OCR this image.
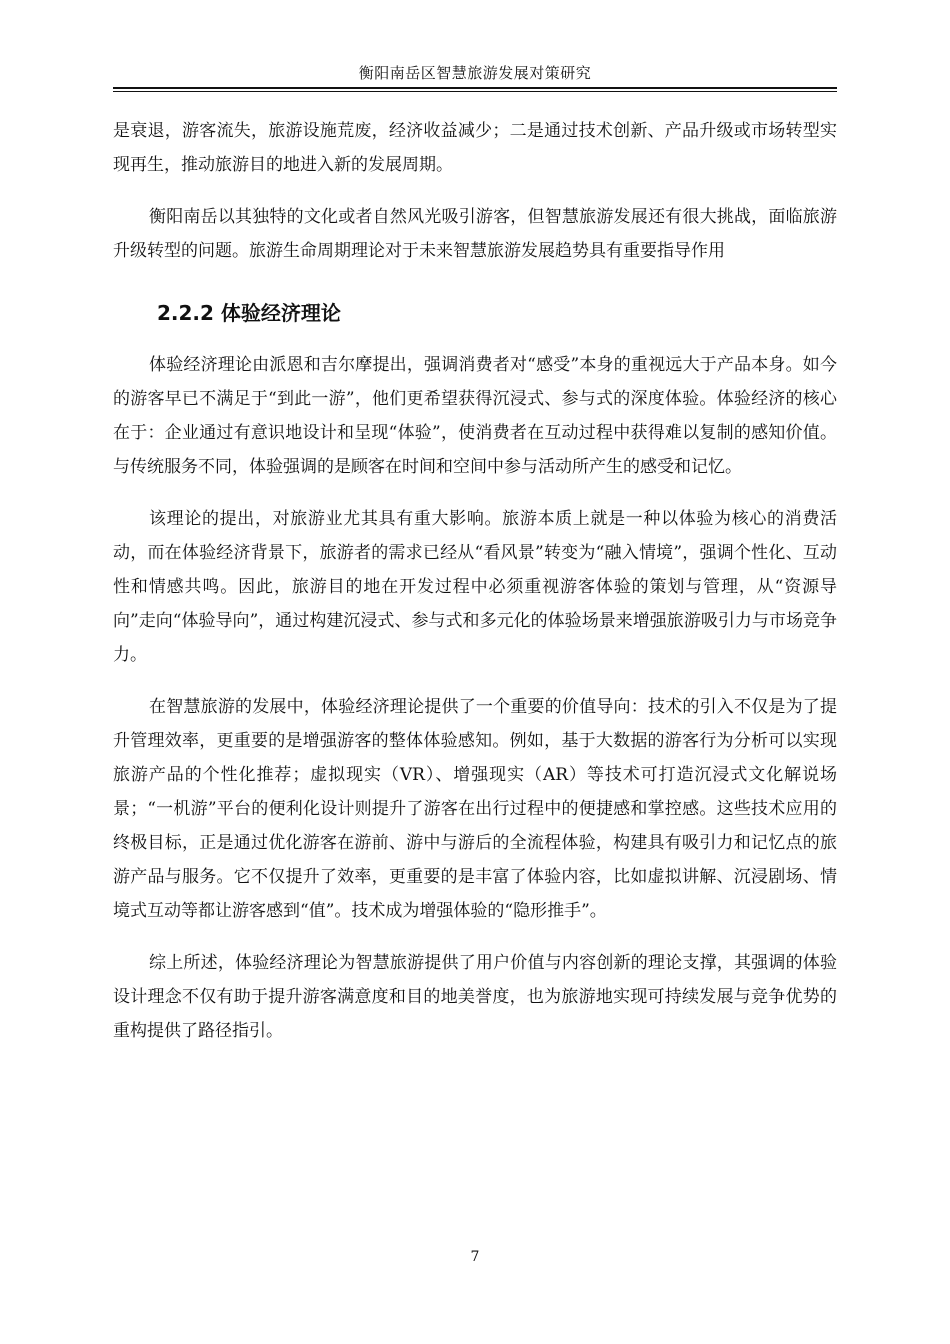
衡阳南岳区智慧旅游发展对策研究

是衰退，游客流失，旅游设施荒废，经济收益减少；二是通过技术创新、产品升级或市场转型实现再生，推动旅游目的地进入新的发展周期。

衡阳南岳以其独特的文化或者自然风光吸引游客，但智慧旅游发展还有很大挑战，面临旅游升级转型的问题。旅游生命周期理论对于未来智慧旅游发展趋势具有重要指导作用

2.2.2 体验经济理论

体验经济理论由派恩和吉尔摩提出，强调消费者对“感受”本身的重视远大于产品本身。如今的游客早已不满足于“到此一游”，他们更希望获得沉浸式、参与式的深度体验。体验经济的核心在于：企业通过有意识地设计和呈现“体验”，使消费者在互动过程中获得难以复制的感知价值。与传统服务不同，体验强调的是顾客在时间和空间中参与活动所产生的感受和记忆。

该理论的提出，对旅游业尤其具有重大影响。旅游本质上就是一种以体验为核心的消费活动，而在体验经济背景下，旅游者的需求已经从“看风景”转变为“融入情境”，强调个性化、互动性和情感共鸣。因此，旅游目的地在开发过程中必须重视游客体验的策划与管理，从“资源导向”走向“体验导向”，通过构建沉浸式、参与式和多元化的体验场景来增强旅游吸引力与市场竞争力。

在智慧旅游的发展中，体验经济理论提供了一个重要的价值导向：技术的引入不仅是为了提升管理效率，更重要的是增强游客的整体体验感知。例如，基于大数据的游客行为分析可以实现旅游产品的个性化推荐；虚拟现实（VR）、增强现实（AR）等技术可打造沉浸式文化解说场景；“一机游”平台的便利化设计则提升了游客在出行过程中的便捷感和掌控感。这些技术应用的终极目标，正是通过优化游客在游前、游中与游后的全流程体验，构建具有吸引力和记忆点的旅游产品与服务。它不仅提升了效率，更重要的是丰富了体验内容，比如虚拟讲解、沉浸剧场、情境式互动等都让游客感到“值”。技术成为增强体验的“隐形推手”。

综上所述，体验经济理论为智慧旅游提供了用户价值与内容创新的理论支撑，其强调的体验设计理念不仅有助于提升游客满意度和目的地美誉度，也为旅游地实现可持续发展与竞争优势的重构提供了路径指引。

7
